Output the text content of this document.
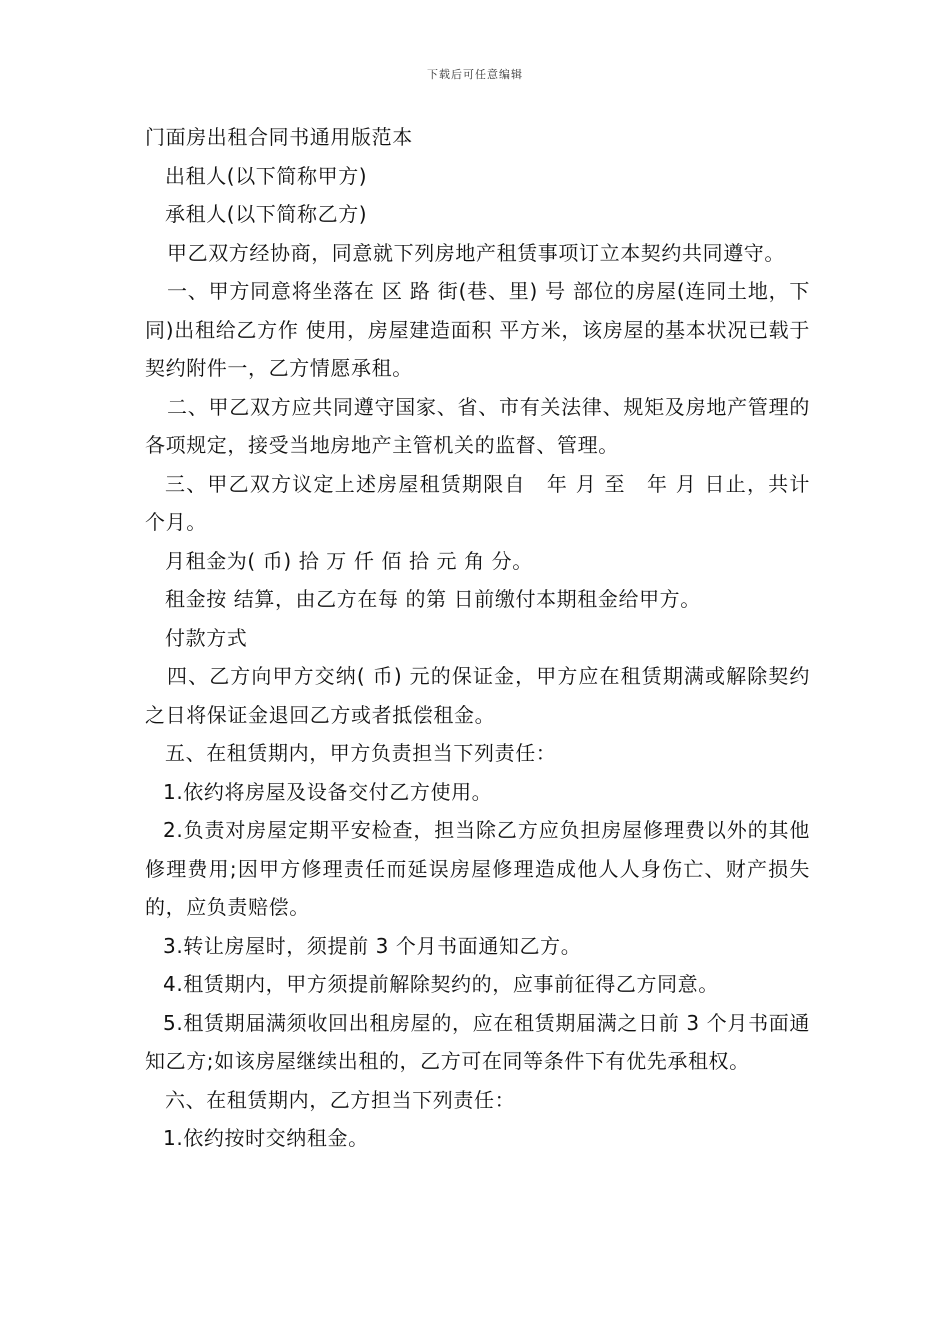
下载后可任意编辑

门面房出租合同书通用版范本

出租人(以下简称甲方)

承租人(以下简称乙方)

甲乙双方经协商，同意就下列房地产租赁事项订立本契约共同遵守。

一、甲方同意将坐落在 区 路 街(巷、里) 号 部位的房屋(连同土地，下同)出租给乙方作 使用，房屋建造面积 平方米，该房屋的基本状况已载于契约附件一，乙方情愿承租。

二、甲乙双方应共同遵守国家、省、市有关法律、规矩及房地产管理的各项规定，接受当地房地产主管机关的监督、管理。

三、甲乙双方议定上述房屋租赁期限自　年 月 至　年 月 日止，共计 个月。

月租金为( 币) 拾 万 仟 佰 拾 元 角 分。

租金按 结算，由乙方在每 的第 日前缴付本期租金给甲方。

付款方式

四、乙方向甲方交纳( 币) 元的保证金，甲方应在租赁期满或解除契约之日将保证金退回乙方或者抵偿租金。

五、在租赁期内，甲方负责担当下列责任：

1.依约将房屋及设备交付乙方使用。

2.负责对房屋定期平安检查，担当除乙方应负担房屋修理费以外的其他修理费用;因甲方修理责任而延误房屋修理造成他人人身伤亡、财产损失的，应负责赔偿。

3.转让房屋时，须提前 3 个月书面通知乙方。

4.租赁期内，甲方须提前解除契约的，应事前征得乙方同意。

5.租赁期届满须收回出租房屋的，应在租赁期届满之日前 3 个月书面通知乙方;如该房屋继续出租的，乙方可在同等条件下有优先承租权。

六、在租赁期内，乙方担当下列责任：

1.依约按时交纳租金。
